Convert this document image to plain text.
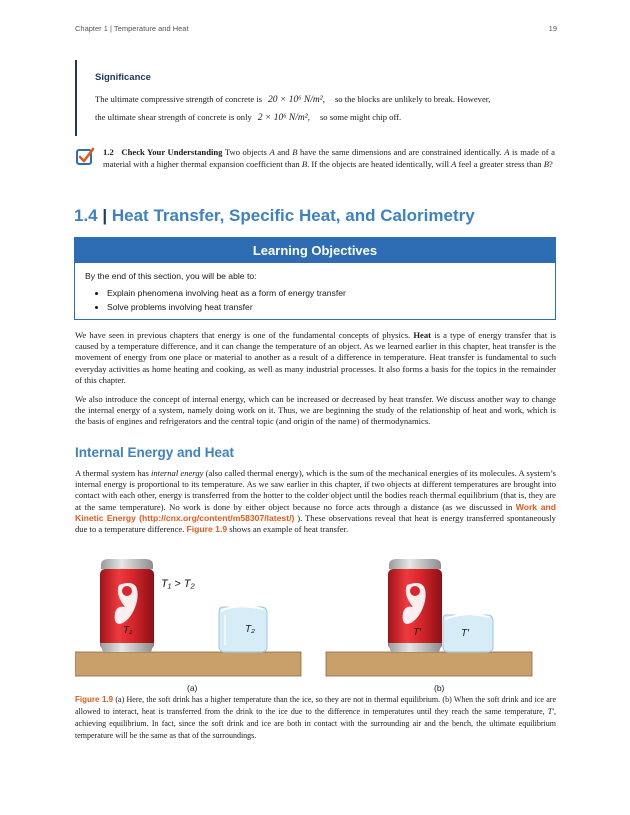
Chapter 1 | Temperature and Heat	19
Significance

The ultimate compressive strength of concrete is 20 × 10⁶ N/m², so the blocks are unlikely to break. However,

the ultimate shear strength of concrete is only 2 × 10⁶ N/m², so some might chip off.

1.2 Check Your Understanding Two objects A and B have the same dimensions and are constrained identically. A is made of a material with a higher thermal expansion coefficient than B. If the objects are heated identically, will A feel a greater stress than B?

1.4 | Heat Transfer, Specific Heat, and Calorimetry
Learning Objectives
By the end of this section, you will be able to:
• Explain phenomena involving heat as a form of energy transfer
• Solve problems involving heat transfer

We have seen in previous chapters that energy is one of the fundamental concepts of physics. Heat is a type of energy transfer that is caused by a temperature difference, and it can change the temperature of an object. As we learned earlier in this chapter, heat transfer is the movement of energy from one place or material to another as a result of a difference in temperature. Heat transfer is fundamental to such everyday activities as home heating and cooking, as well as many industrial processes. It also forms a basis for the topics in the remainder of this chapter.

We also introduce the concept of internal energy, which can be increased or decreased by heat transfer. We discuss another way to change the internal energy of a system, namely doing work on it. Thus, we are beginning the study of the relationship of heat and work, which is the basis of engines and refrigerators and the central topic (and origin of the name) of thermodynamics.

Internal Energy and Heat

A thermal system has internal energy (also called thermal energy), which is the sum of the mechanical energies of its molecules. A system’s internal energy is proportional to its temperature. As we saw earlier in this chapter, if two objects at different temperatures are brought into contact with each other, energy is transferred from the hotter to the colder object until the bodies reach thermal equilibrium (that is, they are at the same temperature). No work is done by either object because no force acts through a distance (as we discussed in Work and Kinetic Energy (http://cnx.org/content/m58307/latest/) ). These observations reveal that heat is energy transferred spontaneously due to a temperature difference. Figure 1.9 shows an example of heat transfer.

T₁ > T₂
T₁	T₂	T′	T′
(a)	(b)

Figure 1.9 (a) Here, the soft drink has a higher temperature than the ice, so they are not in thermal equilibrium. (b) When the soft drink and ice are allowed to interact, heat is transferred from the drink to the ice due to the difference in temperatures until they reach the same temperature, T′, achieving equilibrium. In fact, since the soft drink and ice are both in contact with the surrounding air and the bench, the ultimate equilibrium temperature will be the same as that of the surroundings.
